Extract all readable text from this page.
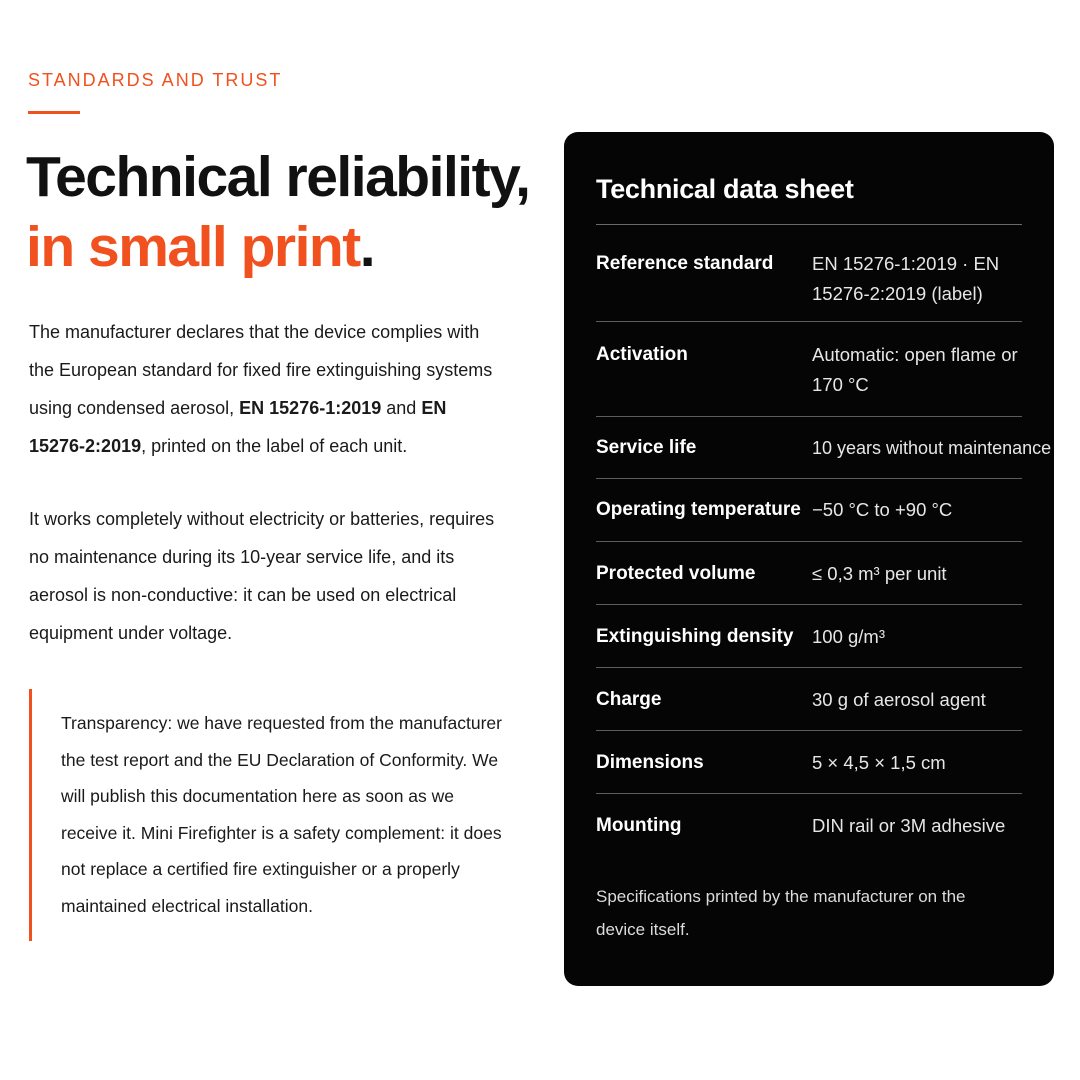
STANDARDS AND TRUST
Technical reliability,
in small print.

The manufacturer declares that the device complies with the European standard for fixed fire extinguishing systems using condensed aerosol, EN 15276-1:2019 and EN 15276-2:2019, printed on the label of each unit.

It works completely without electricity or batteries, requires no maintenance during its 10-year service life, and its aerosol is non-conductive: it can be used on electrical equipment under voltage.

Transparency: we have requested from the manufacturer the test report and the EU Declaration of Conformity. We will publish this documentation here as soon as we receive it. Mini Firefighter is a safety complement: it does not replace a certified fire extinguisher or a properly maintained electrical installation.

Technical data sheet
Reference standard EN 15276-1:2019 · EN 15276-2:2019 (label)
Activation	Automatic: open flame or 170 °C
Service life	10 years without maintenance
Operating temperature −50 °C to +90 °C
Protected volume	≤ 0,3 m³ per unit
Extinguishing density 100 g/m³
Charge	30 g of aerosol agent
Dimensions	5 × 4,5 × 1,5 cm
Mounting	DIN rail or 3M adhesive

Specifications printed by the manufacturer on the device itself.
